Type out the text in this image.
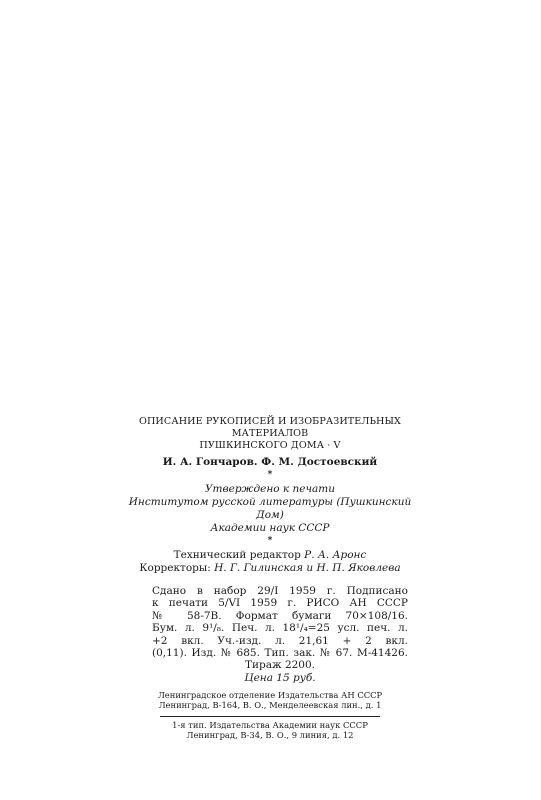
ОПИСАНИЕ РУКОПИСЕЙ И ИЗОБРАЗИТЕЛЬНЫХ МАТЕРИАЛОВ
ПУШКИНСКОГО ДОМА · V
И. А. Гончаров. Ф. М. Достоевский
*
Утверждено к печати
Институтом русской литературы (Пушкинский Дом)
Академии наук СССР
*
Технический редактор Р. А. Аронс
Корректоры: Н. Г. Гилинская и Н. П. Яковлева
Сдано в набор 29/I 1959 г. Подписано
к печати 5/VI 1959 г. РИСО АН СССР
№ 58-7В. Формат бумаги 70×108/16.
Бум. л. 9¹/₈. Печ. л. 18¹/₄=25 усл. печ. л.
+2 вкл. Уч.-изд. л. 21,61 + 2 вкл.
(0,11). Изд. № 685. Тип. зак. № 67. М-41426.
Тираж 2200.
Цена 15 руб.
Ленинградское отделение Издательства АН СССР
Ленинград, В-164, В. О., Менделеевская лин., д. 1
1-я тип. Издательства Академии наук СССР
Ленинград, В-34, В. О., 9 линия, д. 12
